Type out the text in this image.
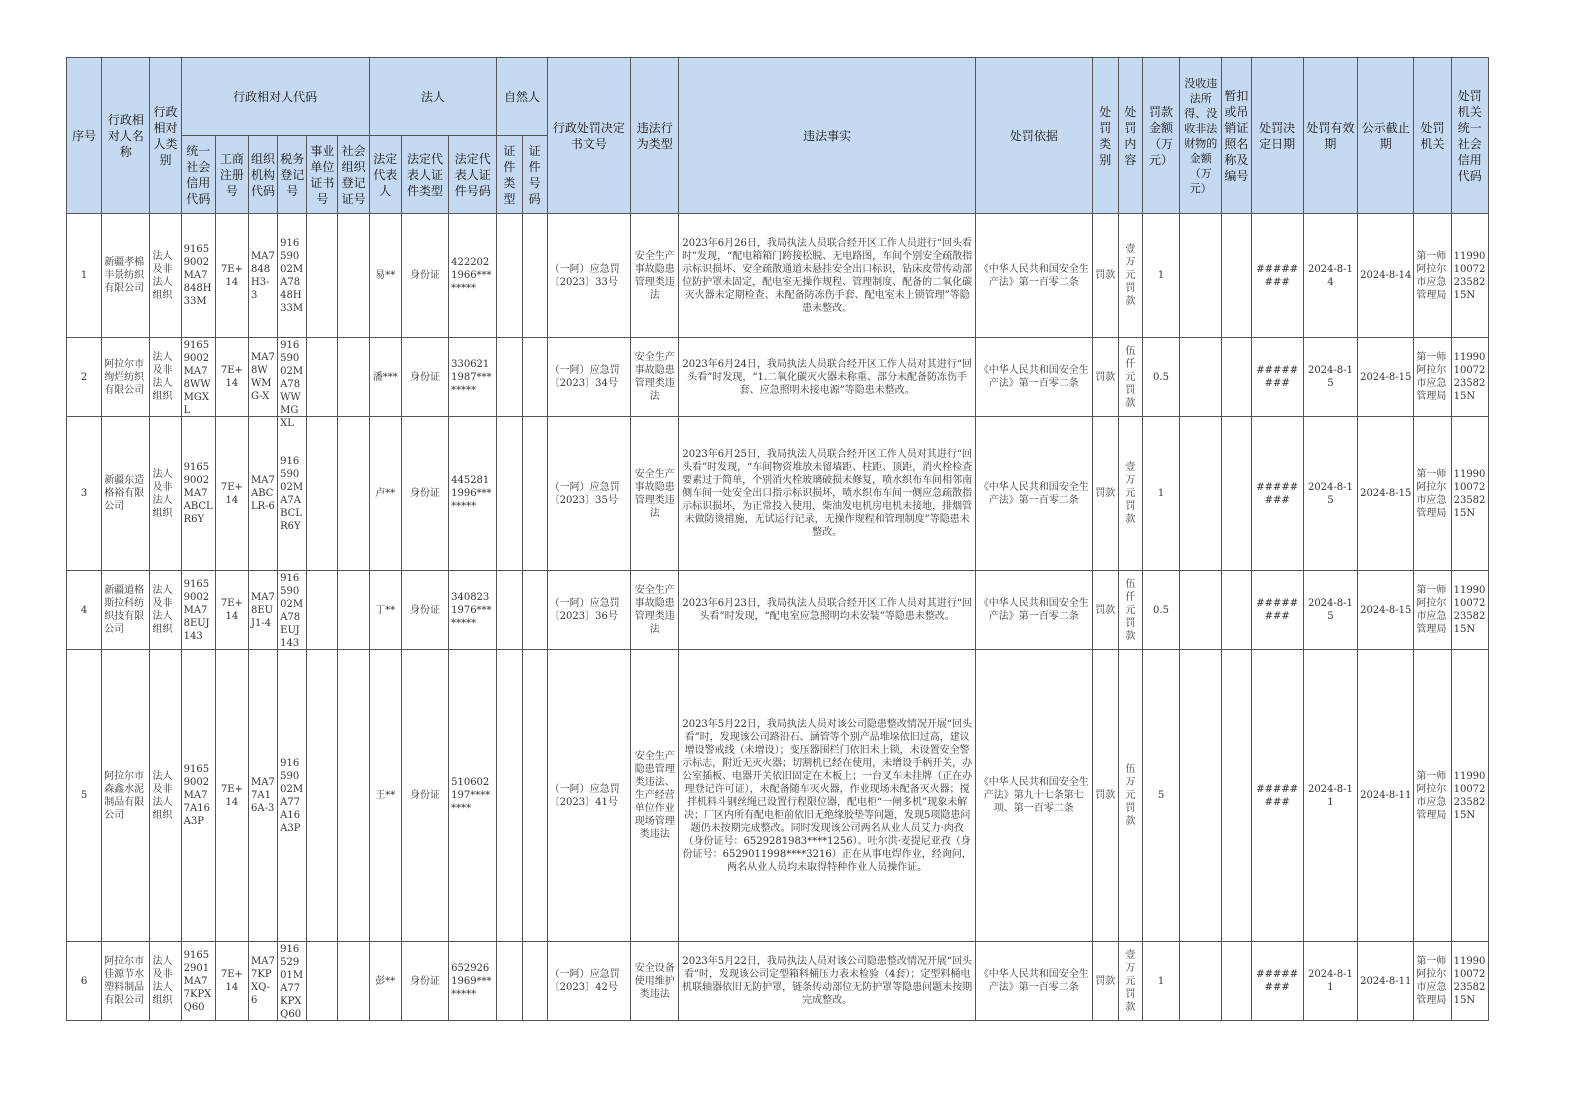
序号	行政相对人名称	行政相对人类别	行政相对人代码						法人			自然人		行政处罚决定书文号	违法行为类型	违法事实	处罚依据	处罚类别	处罚内容	罚款金额（万元）	没收违法所得、没收非法财物的金额（万元）	暂扣或吊销证照名称及编号	处罚决定日期	处罚有效期	公示截止期	处罚机关	处罚机关统一社会信用代码
			统一社会信用代码	工商注册号	组织机构代码	税务登记号	事业单位证书号	社会组织登记证号	法定代表人	法定代表人证件类型	法定代表人证件号码	证件类型	证件号码														

1	新疆孝棉丰景纺织有限公司	法人及非法人组织	91659002MA7848H33M	7E+14	MA7848H3-3	91659002MA7848H33M			易**	身份证	4222021966********			（一阿）应急罚〔2023〕33号	安全生产事故隐患管理类违法	2023年6月26日，我局执法人员联合经开区工作人员进行“回头看时”发现，“配电箱箱门跨接松脱、无电路图，车间个别安全疏散指示标识损坏、安全疏散通道未悬挂安全出口标识，钻床皮带传动部位防护罩未固定，配电室无操作规程、管理制度、配备的二氧化碳灭火器未定期检查、未配备防冻伤手套、配电室未上锁管理”等隐患未整改。	《中华人民共和国安全生产法》第一百零二条	罚款	壹万元罚款	1			########	2024-8-14	2024-8-14	第一师阿拉尔市应急管理局	11990100722358215N

2	阿拉尔市绚烂纺织有限公司	法人及非法人组织	91659002MA78WWMGXL	7E+14	MA78WWMG-X	91659002MA78WWMGXL			潘***	身份证	3306211987********			（一阿）应急罚〔2023〕34号	安全生产事故隐患管理类违法	2023年6月24日，我局执法人员联合经开区工作人员对其进行“回头看”时发现，“1.二氧化碳灭火器未称重、部分未配备防冻伤手套、应急照明未接电源”等隐患未整改。	《中华人民共和国安全生产法》第一百零二条	罚款	伍仟元罚款	0.5			########	2024-8-15	2024-8-15	第一师阿拉尔市应急管理局	11990100722358215N

3	新疆东造格裕有限公司	法人及非法人组织	91659002MA7ABCLR6Y	7E+14	MA7ABCLR-6	91659002MA7ABCLR6Y			卢**	身份证	4452811996********			（一阿）应急罚〔2023〕35号	安全生产事故隐患管理类违法	2023年6月25日，我局执法人员联合经开区工作人员对其进行“回头看”时发现，“车间物资堆放未留墙距、柱距、顶距，消火栓检查要素过于简单，个别消火栓玻璃破损未修复，喷水织布车间相邻南侧车间一处安全出口指示标识损坏，喷水织布车间一侧应急疏散指示标识损坏，为正常投入使用，柴油发电机房电机未接地，排烟管未做防烫措施，无试运行记录，无操作规程和管理制度”等隐患未整改。	《中华人民共和国安全生产法》第一百零二条	罚款	壹万元罚款	1			########	2024-8-15	2024-8-15	第一师阿拉尔市应急管理局	11990100722358215N

4	新疆道格斯拉科纺织技有限公司	法人及非法人组织	91659002MA78EUJ143	7E+14	MA78EUJ1-4	91659002MA78EUJ143			丁**	身份证	3408231976********			（一阿）应急罚〔2023〕36号	安全生产事故隐患管理类违法	2023年6月23日，我局执法人员联合经开区工作人员对其进行“回头看”时发现，“配电室应急照明均未安装”等隐患未整改。	《中华人民共和国安全生产法》第一百零二条	罚款	伍仟元罚款	0.5			########	2024-8-15	2024-8-15	第一师阿拉尔市应急管理局	11990100722358215N

5	阿拉尔市森鑫水泥制品有限公司	法人及非法人组织	91659002MA77A16A3P	7E+14	MA77A16A-3	91659002MA77A16A3P			王**	身份证	510602197********			（一阿）应急罚〔2023〕41号	安全生产隐患管理类违法、生产经营单位作业现场管理类违法	2023年5月22日，我局执法人员对该公司隐患整改情况开展“回头看”时，发现该公司路沿石、涵管等个别产品堆垛依旧过高，建议增设警戒线（未增设）；变压器围栏门依旧未上锁，未设置安全警示标志，附近无灭火器；切割机已经在使用，未增设手柄开关，办公室插板、电器开关依旧固定在木板上；一台叉车未挂牌（正在办理登记许可证），未配备随车灭火器，作业现场未配备灭火器；搅拌机料斗钢丝绳已设置行程限位器，配电柜“一闸多机”现象未解决；厂区内所有配电柜前依旧无绝缘胶垫等问题，发现5项隐患问题仍未按期完成整改。同时发现该公司两名从业人员艾力·肉孜（身份证号：6529281983****1256）、吐尔洪·麦提尼亚孜（身份证号：6529011998****3216）正在从事电焊作业，经询问，两名从业人员均未取得特种作业人员操作证。	《中华人民共和国安全生产法》第九十七条第七项、第一百零二条	罚款	伍万元罚款	5			########	2024-8-11	2024-8-11	第一师阿拉尔市应急管理局	11990100722358215N

6	阿拉尔市佳源节水塑料制品有限公司	法人及非法人组织	91652901MA77KPXQ60	7E+14	MA77KPXQ-6	91652901MA77KPXQ60			彭**	身份证	6529261969********			（一阿）应急罚〔2023〕42号	安全设备使用维护类违法	2023年5月22日，我局执法人员对该公司隐患整改情况开展“回头看”时，发现该公司定型箱料桶压力表未检验（4套）；定型料桶电机联轴器依旧无防护罩，链条传动部位无防护罩等隐患问题未按期完成整改。	《中华人民共和国安全生产法》第一百零二条	罚款	壹万元罚款	1			########	2024-8-11	2024-8-11	第一师阿拉尔市应急管理局	11990100722358215N
